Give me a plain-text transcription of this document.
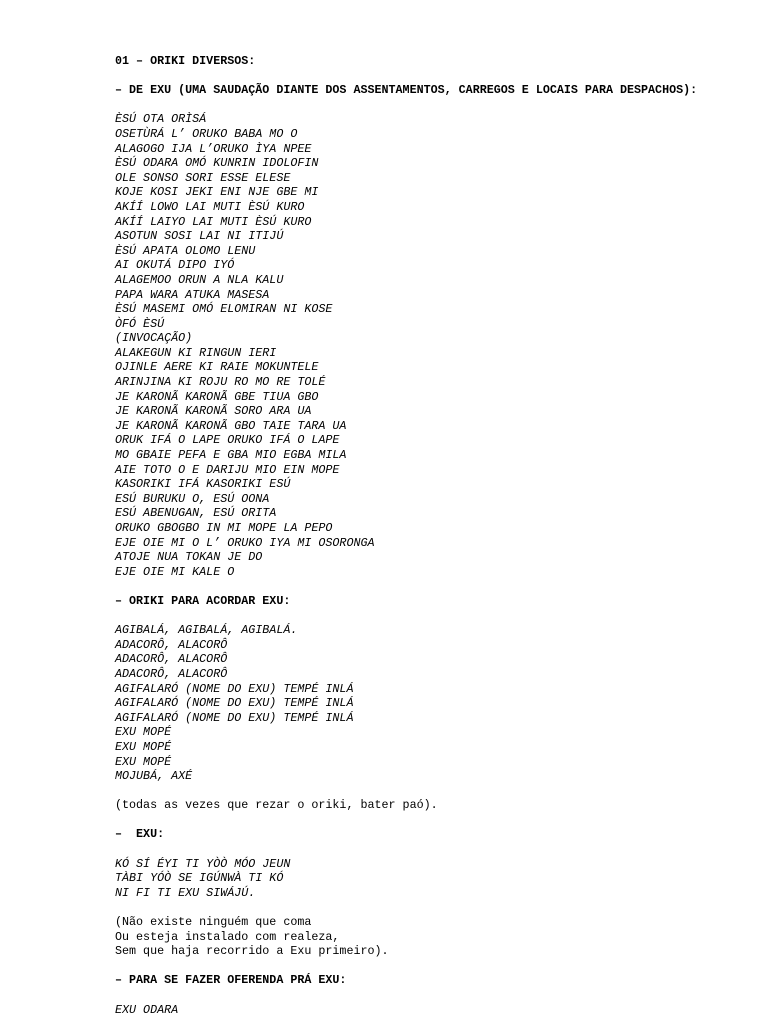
01 – ORIKI DIVERSOS:

– DE EXU (UMA SAUDAÇÃO DIANTE DOS ASSENTAMENTOS, CARREGOS E LOCAIS PARA DESPACHOS):

ÈSÚ OTA ORÌSÁ

OSETÙRÁ L’ ORUKO BABA MO O

ALAGOGO IJA L’ORUKO ÌYA NPEE

ÈSÚ ODARA OMÓ KUNRIN IDOLOFIN

OLE SONSO SORI ESSE ELESE

KOJE KOSI JEKI ENI NJE GBE MI

AKÍÍ LOWO LAI MUTI ÈSÚ KURO

AKÍÍ LAIYO LAI MUTI ÈSÚ KURO

ASOTUN SOSI LAI NI ITIJÚ

ÈSÚ APATA OLOMO LENU

AI OKUTÁ DIPO IYÓ

ALAGEMOO ORUN A NLA KALU

PAPA WARA ATUKA MASESA

ÈSÚ MASEMI OMÓ ELOMIRAN NI KOSE

ÒFÓ ÈSÚ

(INVOCAÇÃO)

ALAKEGUN KI RINGUN IERI

OJINLE AERE KI RAIE MOKUNTELE

ARINJINA KI ROJU RO MO RE TOLÉ

JE KARONÃ KARONÃ GBE TIUA GBO

JE KARONÃ KARONÃ SORO ARA UA

JE KARONÃ KARONÃ GBO TAIE TARA UA

ORUK IFÁ O LAPE ORUKO IFÁ O LAPE

MO GBAIE PEFA E GBA MIO EGBA MILA

AIE TOTO O E DARIJU MIO EIN MOPE

KASORIKI IFÁ KASORIKI ESÚ

ESÚ BURUKU O, ESÚ OONA

ESÚ ABENUGAN, ESÚ ORITA

ORUKO GBOGBO IN MI MOPE LA PEPO

EJE OIE MI O L’ ORUKO IYA MI OSORONGA

ATOJE NUA TOKAN JE DO

EJE OIE MI KALE O

– ORIKI PARA ACORDAR EXU:

AGIBALÁ, AGIBALÁ, AGIBALÁ.

ADACORÔ, ALACORÔ

ADACORÔ, ALACORÔ

ADACORÔ, ALACORÔ

AGIFALARÓ (NOME DO EXU) TEMPÉ INLÁ

AGIFALARÓ (NOME DO EXU) TEMPÉ INLÁ

AGIFALARÓ (NOME DO EXU) TEMPÉ INLÁ

EXU MOPÉ

EXU MOPÉ

EXU MOPÉ

MOJUBÁ, AXÉ

(todas as vezes que rezar o oriki, bater paó).

– EXU:

KÓ SÍ ÉYI TI YÒÒ MÓO JEUN

TÀBI YÓÒ SE IGÚNWÀ TI KÓ

NI FI TI EXU SIWÁJÚ.

(Não existe ninguém que coma

Ou esteja instalado com realeza,

Sem que haja recorrido a Exu primeiro).

– PARA SE FAZER OFERENDA PRÁ EXU:

EXU ODARA
